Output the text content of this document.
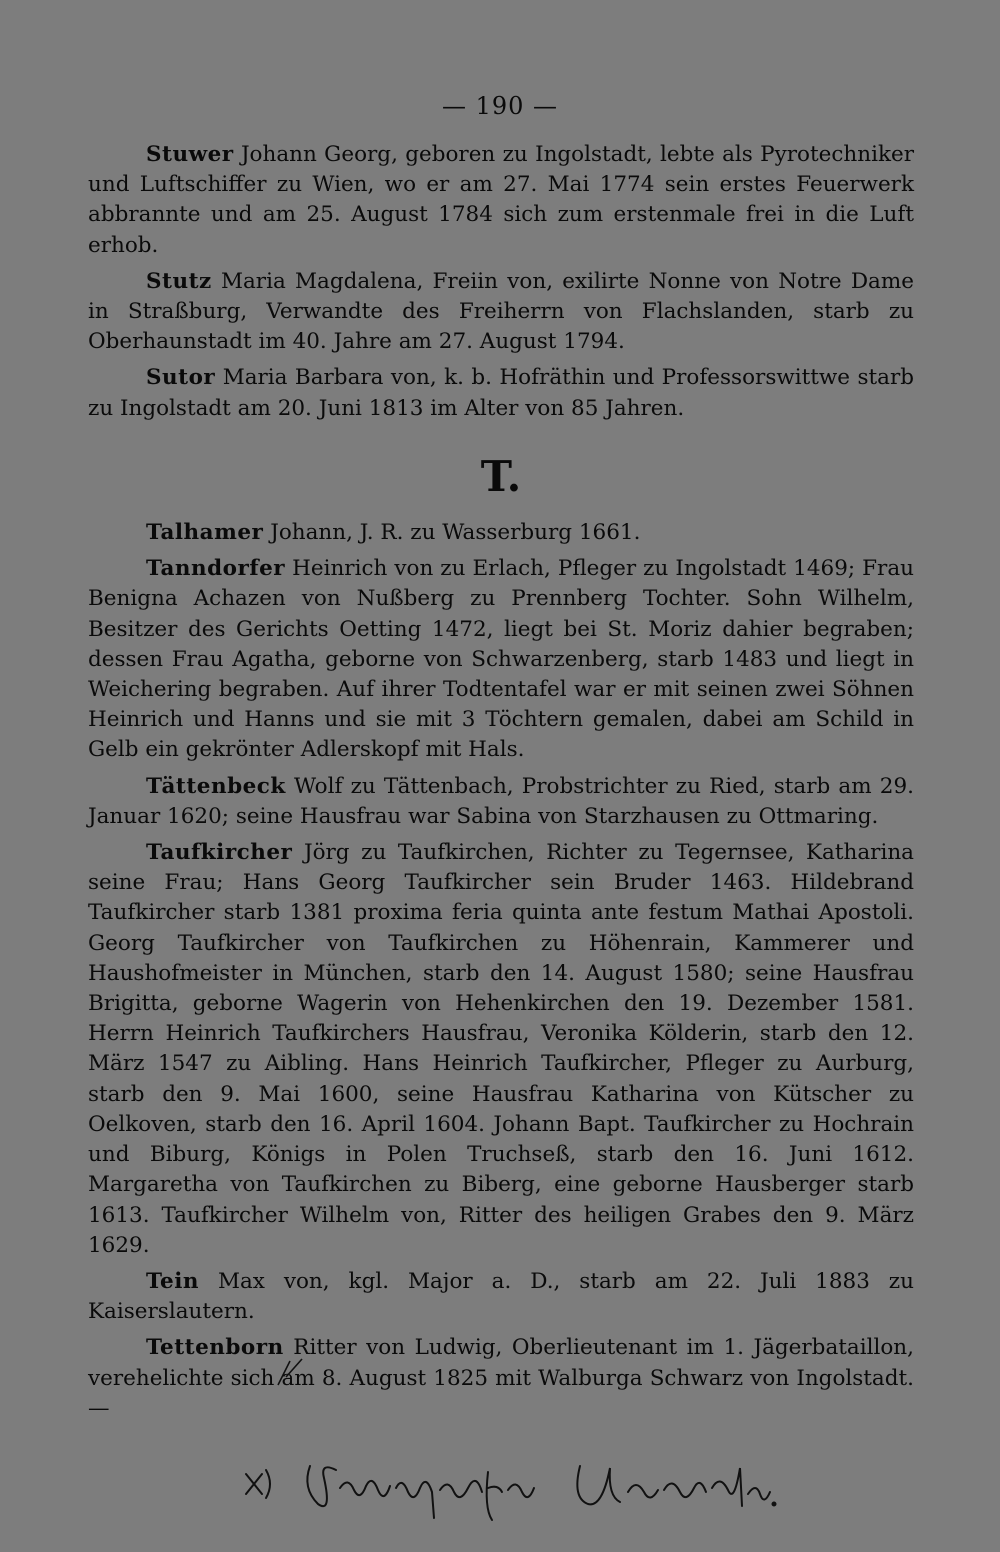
— 190 —

Stuwer Johann Georg, geboren zu Ingolstadt, lebte als Pyrotechniker und Luftschiffer zu Wien, wo er am 27. Mai 1774 sein erstes Feuerwerk abbrannte und am 25. August 1784 sich zum erstenmale frei in die Luft erhob.

Stutz Maria Magdalena, Freiin von, exilirte Nonne von Notre Dame in Straßburg, Verwandte des Freiherrn von Flachslanden, starb zu Oberhaunstadt im 40. Jahre am 27. August 1794.

Sutor Maria Barbara von, k. b. Hofräthin und Professorswittwe starb zu Ingolstadt am 20. Juni 1813 im Alter von 85 Jahren.

T.

Talhamer Johann, J. R. zu Wasserburg 1661.

Tanndorfer Heinrich von zu Erlach, Pfleger zu Ingolstadt 1469; Frau Benigna Achazen von Nußberg zu Prennberg Tochter. Sohn Wilhelm, Besitzer des Gerichts Oetting 1472, liegt bei St. Moriz dahier begraben; dessen Frau Agatha, geborne von Schwarzenberg, starb 1483 und liegt in Weichering begraben. Auf ihrer Todtentafel war er mit seinen zwei Söhnen Heinrich und Hanns und sie mit 3 Töchtern gemalen, dabei am Schild in Gelb ein gekrönter Adlerskopf mit Hals.

Tättenbeck Wolf zu Tättenbach, Probstrichter zu Ried, starb am 29. Januar 1620; seine Hausfrau war Sabina von Starzhausen zu Ottmaring.

Taufkircher Jörg zu Taufkirchen, Richter zu Tegernsee, Katharina seine Frau; Hans Georg Taufkircher sein Bruder 1463. Hildebrand Taufkircher starb 1381 proxima feria quinta ante festum Mathai Apostoli. Georg Taufkircher von Taufkirchen zu Höhenrain, Kammerer und Haushofmeister in München, starb den 14. August 1580; seine Hausfrau Brigitta, geborne Wagerin von Hehenkirchen den 19. Dezember 1581. Herrn Heinrich Taufkirchers Hausfrau, Veronika Kölderin, starb den 12. März 1547 zu Aibling. Hans Heinrich Taufkircher, Pfleger zu Aurburg, starb den 9. Mai 1600, seine Hausfrau Katharina von Kütscher zu Oelkoven, starb den 16. April 1604. Johann Bapt. Taufkircher zu Hochrain und Biburg, Königs in Polen Truchseß, starb den 16. Juni 1612. Margaretha von Taufkirchen zu Biberg, eine geborne Hausberger starb 1613. Taufkircher Wilhelm von, Ritter des heiligen Grabes den 9. März 1629.

Tein Max von, kgl. Major a. D., starb am 22. Juli 1883 zu Kaiserslautern.

Tettenborn Ritter von Ludwig, Oberlieutenant im 1. Jägerbataillon, verehelichte sich am 8. August 1825 mit Walburga Schwarz von Ingolstadt. —
